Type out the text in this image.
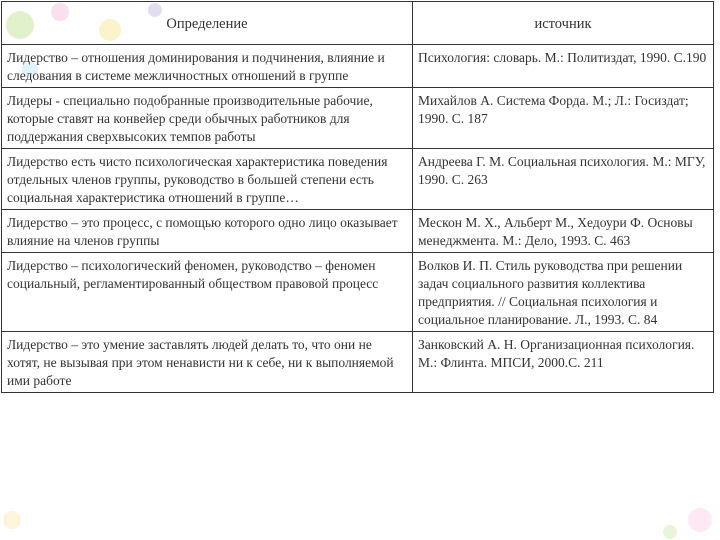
Определение	источник
Лидерство – отношения доминирования и подчинения, влияние и следования в системе межличностных отношений в группе	Психология: словарь. М.: Политиздат, 1990. С.190
Лидеры - специально подобранные производительные рабочие, которые ставят на конвейер среди обычных работников для поддержания сверхвысоких темпов работы	Михайлов А. Система Форда. М.; Л.: Госиздат; 1990. С. 187
Лидерство есть чисто психологическая характеристика поведения отдельных членов группы, руководство в большей степени есть социальная характеристика отношений в группе…	Андреева Г. М. Социальная психология. М.: МГУ, 1990. С. 263
Лидерство – это процесс, с помощью которого одно лицо оказывает влияние на членов группы	Мескон М. Х., Альберт М., Хедоури Ф. Основы менеджмента. М.: Дело, 1993. С. 463
Лидерство – психологический феномен, руководство – феномен социальный, регламентированный обществом правовой процесс	Волков И. П. Стиль руководства при решении задач социального развития коллектива предприятия. // Социальная психология и социальное планирование. Л., 1993. С. 84
Лидерство – это умение заставлять людей делать то, что они не хотят, не вызывая при этом ненависти ни к себе, ни к выполняемой ими работе	Занковский А. Н. Организационная психология. М.: Флинта. МПСИ, 2000.С. 211
